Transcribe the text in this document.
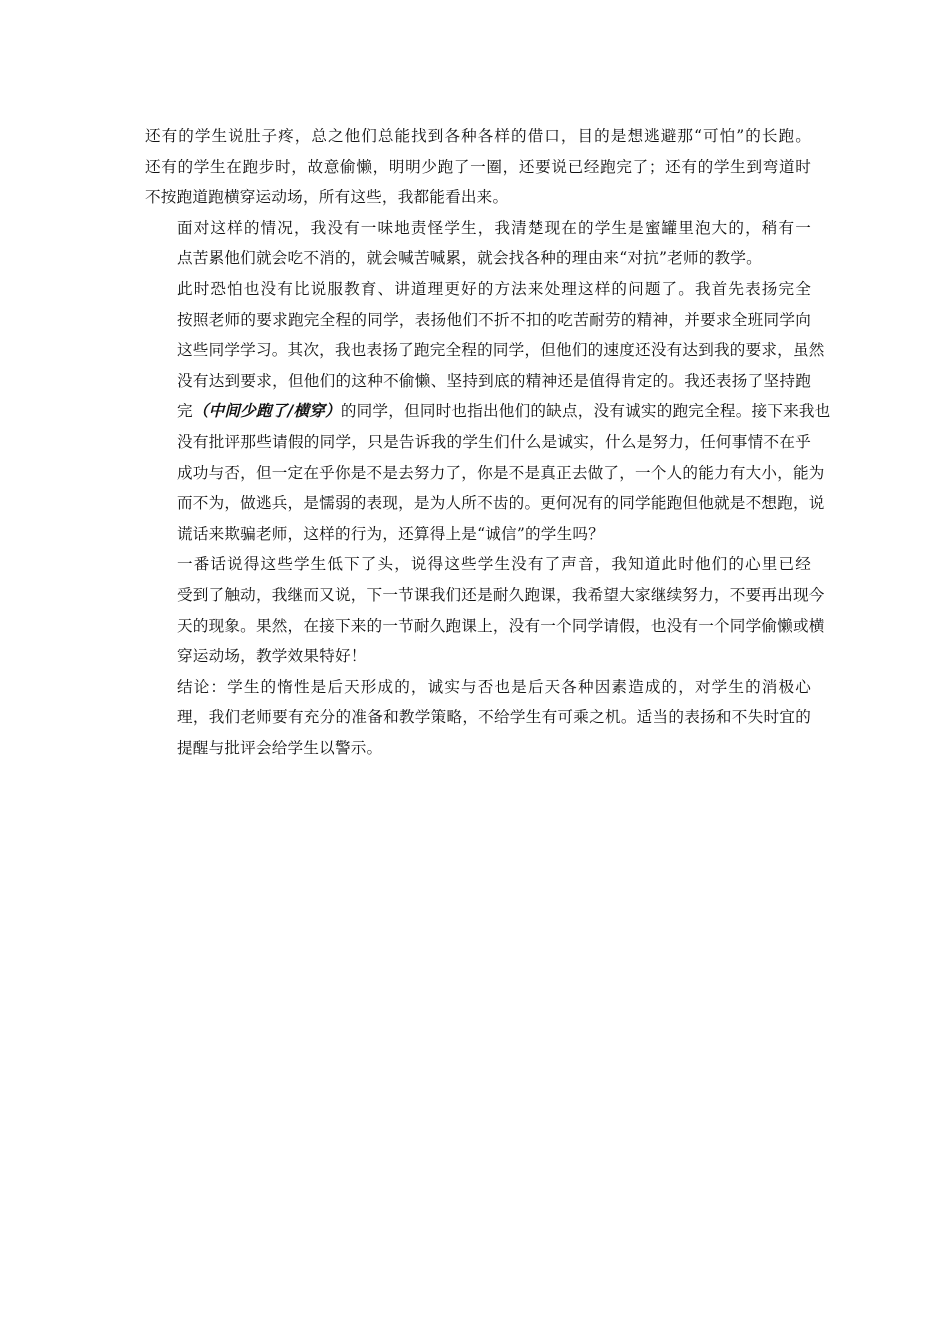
还有的学生说肚子疼，总之他们总能找到各种各样的借口，目的是想逃避那“可怕”的长跑。
还有的学生在跑步时，故意偷懒，明明少跑了一圈，还要说已经跑完了；还有的学生到弯道时
不按跑道跑横穿运动场，所有这些，我都能看出来。

面对这样的情况，我没有一味地责怪学生，我清楚现在的学生是蜜罐里泡大的，稍有一
点苦累他们就会吃不消的，就会喊苦喊累，就会找各种的理由来“对抗”老师的教学。

此时恐怕也没有比说服教育、讲道理更好的方法来处理这样的问题了。我首先表扬完全
按照老师的要求跑完全程的同学，表扬他们不折不扣的吃苦耐劳的精神，并要求全班同学向
这些同学学习。其次，我也表扬了跑完全程的同学，但他们的速度还没有达到我的要求，虽然
没有达到要求，但他们的这种不偷懒、坚持到底的精神还是值得肯定的。我还表扬了坚持跑
完（中间少跑了/横穿）的同学，但同时也指出他们的缺点，没有诚实的跑完全程。接下来我也
没有批评那些请假的同学，只是告诉我的学生们什么是诚实，什么是努力，任何事情不在乎
成功与否，但一定在乎你是不是去努力了，你是不是真正去做了，一个人的能力有大小，能为
而不为，做逃兵，是懦弱的表现，是为人所不齿的。更何况有的同学能跑但他就是不想跑，说
谎话来欺骗老师，这样的行为，还算得上是“诚信”的学生吗？

一番话说得这些学生低下了头，说得这些学生没有了声音，我知道此时他们的心里已经
受到了触动，我继而又说，下一节课我们还是耐久跑课，我希望大家继续努力，不要再出现今
天的现象。果然，在接下来的一节耐久跑课上，没有一个同学请假，也没有一个同学偷懒或横
穿运动场，教学效果特好！

结论：学生的惰性是后天形成的，诚实与否也是后天各种因素造成的，对学生的消极心
理，我们老师要有充分的准备和教学策略，不给学生有可乘之机。适当的表扬和不失时宜的
提醒与批评会给学生以警示。
